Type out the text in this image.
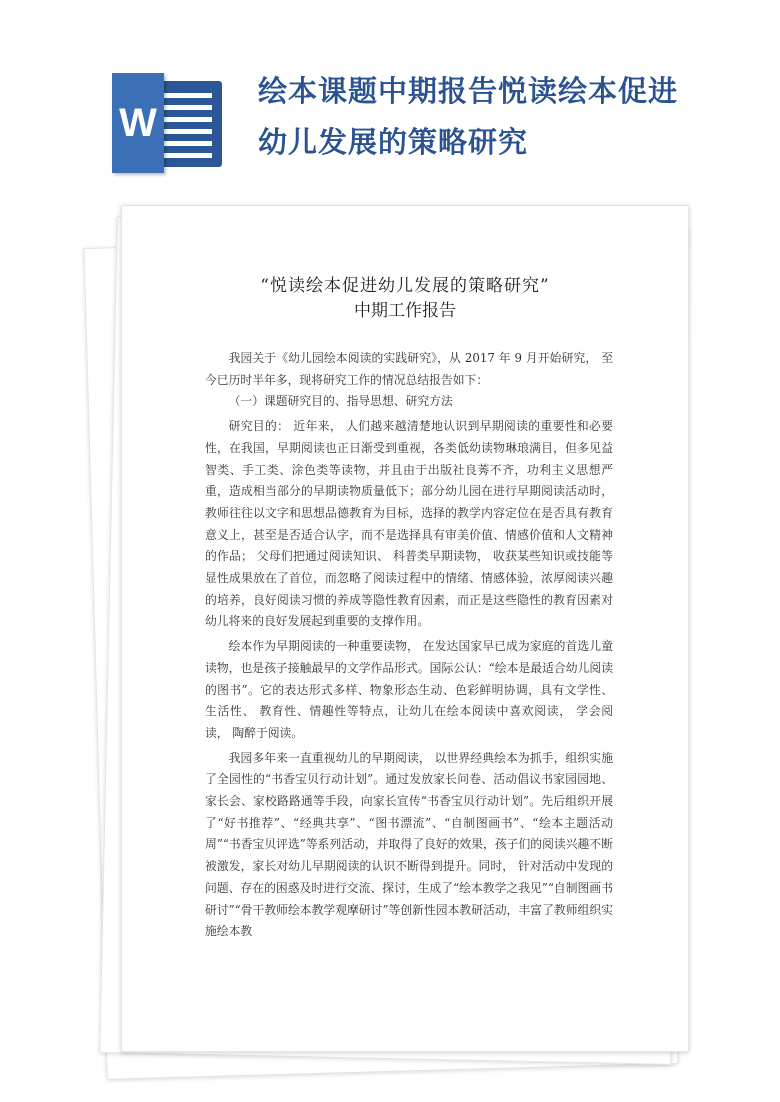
W
绘本课题中期报告悦读绘本促进幼儿发展的策略研究
“悦读绘本促进幼儿发展的策略研究”
中期工作报告

我园关于《幼儿园绘本阅读的实践研究》，从 2017 年 9 月开始研究， 至今已历时半年多，现将研究工作的情况总结报告如下：

（一）课题研究目的、指导思想、研究方法

研究目的： 近年来， 人们越来越清楚地认识到早期阅读的重要性和必要性，在我国，早期阅读也正日渐受到重视，各类低幼读物琳琅满目，但多见益智类、手工类、涂色类等读物，并且由于出版社良莠不齐，功利主义思想严重，造成相当部分的早期读物质量低下；部分幼儿园在进行早期阅读活动时， 教师往往以文字和思想品德教育为目标，选择的教学内容定位在是否具有教育意义上，甚至是否适合认字，而不是选择具有审美价值、情感价值和人文精神的作品； 父母们把通过阅读知识、 科普类早期读物， 收获某些知识或技能等显性成果放在了首位，而忽略了阅读过程中的情绪、情感体验，浓厚阅读兴趣的培养，良好阅读习惯的养成等隐性教育因素，而正是这些隐性的教育因素对幼儿将来的良好发展起到重要的支撑作用。

绘本作为早期阅读的一种重要读物， 在发达国家早已成为家庭的首选儿童读物，也是孩子接触最早的文学作品形式。国际公认：“绘本是最适合幼儿阅读的图书”。它的表达形式多样、物象形态生动、色彩鲜明协调，具有文学性、 生活性、 教育性、情趣性等特点，让幼儿在绘本阅读中喜欢阅读， 学会阅读， 陶醉于阅读。

我园多年来一直重视幼儿的早期阅读， 以世界经典绘本为抓手，组织实施了全园性的“书香宝贝行动计划”。通过发放家长问卷、活动倡议书家园园地、 家长会、家校路路通等手段，向家长宣传“书香宝贝行动计划”。先后组织开展了“好书推荐”、“经典共享”、“图书漂流”、“自制图画书”、“绘本主题活动周”“书香宝贝评选”等系列活动，并取得了良好的效果，孩子们的阅读兴趣不断被激发，家长对幼儿早期阅读的认识不断得到提升。同时， 针对活动中发现的问题、存在的困惑及时进行交流、探讨，生成了“绘本教学之我见”“自制图画书研讨”“骨干教师绘本教学观摩研讨”等创新性园本教研活动，丰富了教师组织实施绘本教
